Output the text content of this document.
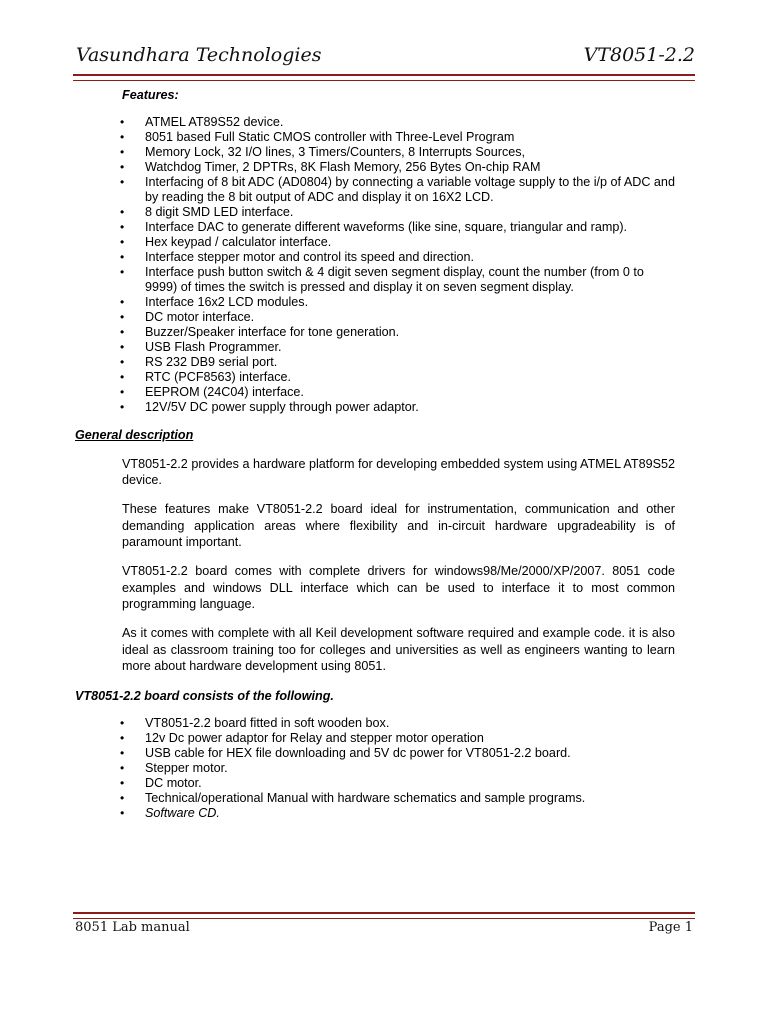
Vasundhara Technologies	VT8051-2.2
Features:
• ATMEL AT89S52 device.
• 8051 based Full Static CMOS controller with Three-Level Program
• Memory Lock, 32 I/O lines, 3 Timers/Counters, 8 Interrupts Sources,
• Watchdog Timer, 2 DPTRs, 8K Flash Memory, 256 Bytes On-chip RAM
• Interfacing of 8 bit ADC (AD0804) by connecting a variable voltage supply to the i/p of ADC and by reading the 8 bit output of ADC and display it on 16X2 LCD.
• 8 digit SMD LED interface.
• Interface DAC to generate different waveforms (like sine, square, triangular and ramp).
• Hex keypad / calculator interface.
• Interface stepper motor and control its speed and direction.
• Interface push button switch & 4 digit seven segment display, count the number (from 0 to 9999) of times the switch is pressed and display it on seven segment display.
• Interface 16x2 LCD modules.
• DC motor interface.
• Buzzer/Speaker interface for tone generation.
• USB Flash Programmer.
• RS 232 DB9 serial port.
• RTC (PCF8563) interface.
• EEPROM (24C04) interface.
• 12V/5V DC power supply through power adaptor.
General description

VT8051-2.2 provides a hardware platform for developing embedded system using ATMEL AT89S52 device.

These features make VT8051-2.2 board ideal for instrumentation, communication and other demanding application areas where flexibility and in-circuit hardware upgradeability is of paramount important.

VT8051-2.2 board comes with complete drivers for windows98/Me/2000/XP/2007. 8051 code examples and windows DLL interface which can be used to interface it to most common programming language.

As it comes with complete with all Keil development software required and example code. it is also ideal as classroom training too for colleges and universities as well as engineers wanting to learn more about hardware development using 8051.

VT8051-2.2 board consists of the following.
• VT8051-2.2 board fitted in soft wooden box.
• 12v Dc power adaptor for Relay and stepper motor operation
• USB cable for HEX file downloading and 5V dc power for VT8051-2.2 board.
• Stepper motor.
• DC motor.
• Technical/operational Manual with hardware schematics and sample programs.
• Software CD.
8051 Lab manual	Page 1
